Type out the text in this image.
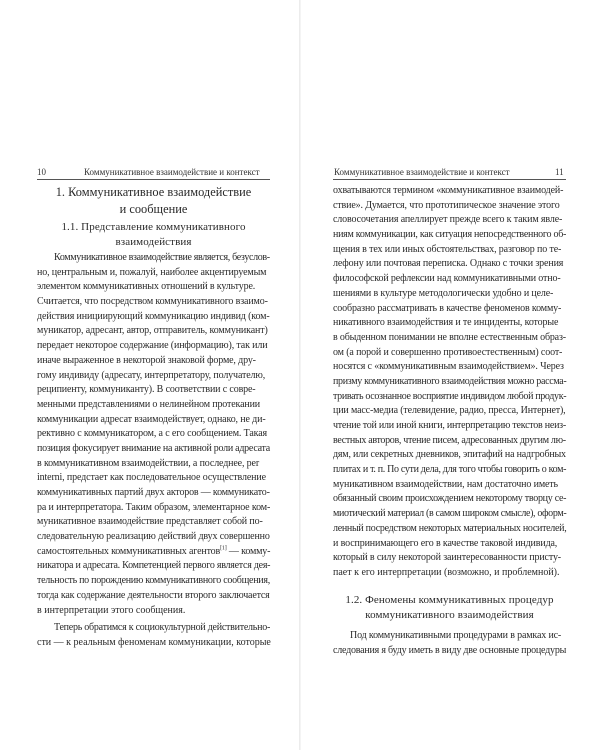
10	Коммуникативное взаимодействие и контекст
1. Коммуникативное взаимодействие
и сообщение
1.1. Представление коммуникативного
взаимодействия
Коммуникативное взаимодействие является, безуслов-
но, центральным и, пожалуй, наиболее акцентируемым
элементом коммуникативных отношений в культуре.
Считается, что посредством коммуникативного взаимо-
действия инициирующий коммуникацию индивид (ком-
муникатор, адресант, автор, отправитель, коммуникант)
передает некоторое содержание (информацию), так или
иначе выраженное в некоторой знаковой форме, дру-
гому индивиду (адресату, интерпретатору, получателю,
реципиенту, коммуниканту). В соответствии с совре-
менными представлениями о нелинейном протекании
коммуникации адресат взаимодействует, однако, не ди-
рективно с коммуникатором, а с его сообщением. Такая
позиция фокусирует внимание на активной роли адресата
в коммуникативном взаимодействии, а последнее, per
interni, предстает как последовательное осуществление
коммуникативных партий двух акторов — коммуникато-
ра и интерпретатора. Таким образом, элементарное ком-
муникативное взаимодействие представляет собой по-
следовательную реализацию действий двух совершенно
самостоятельных коммуникативных агентов[1] — комму-
никатора и адресата. Компетенцией первого является дея-
тельность по порождению коммуникативного сообщения,
тогда как содержание деятельности второго заключается
в интерпретации этого сообщения.
Теперь обратимся к социокультурной действительно-
сти — к реальным феноменам коммуникации, которые
Коммуникативное взаимодействие и контекст	11
охватываются термином «коммуникативное взаимодей-
ствие». Думается, что прототипическое значение этого
словосочетания апеллирует прежде всего к таким явле-
ниям коммуникации, как ситуация непосредственного об-
щения в тех или иных обстоятельствах, разговор по те-
лефону или почтовая переписка. Однако с точки зрения
философской рефлексии над коммуникативными отно-
шениями в культуре методологически удобно и целе-
сообразно рассматривать в качестве феноменов комму-
никативного взаимодействия и те инциденты, которые
в обыденном понимании не вполне естественным образ-
ом (а порой и совершенно противоестественным) соот-
носятся с «коммуникативным взаимодействием». Через
призму коммуникативного взаимодействия можно рассма-
тривать осознанное восприятие индивидом любой продук-
ции масс-медиа (телевидение, радио, пресса, Интернет),
чтение той или иной книги, интерпретацию текстов неиз-
вестных авторов, чтение писем, адресованных другим лю-
дям, или секретных дневников, эпитафий на надгробных
плитах и т. п. По сути дела, для того чтобы говорить о ком-
муникативном взаимодействии, нам достаточно иметь
обязанный своим происхождением некоторому творцу се-
миотический материал (в самом широком смысле), оформ-
ленный посредством некоторых материальных носителей,
и воспринимающего его в качестве таковой индивида,
который в силу некоторой заинтересованности присту-
пает к его интерпретации (возможно, и проблемной).
1.2. Феномены коммуникативных процедур
коммуникативного взаимодействия
Под коммуникативными процедурами в рамках ис-
следования я буду иметь в виду две основные процедуры
